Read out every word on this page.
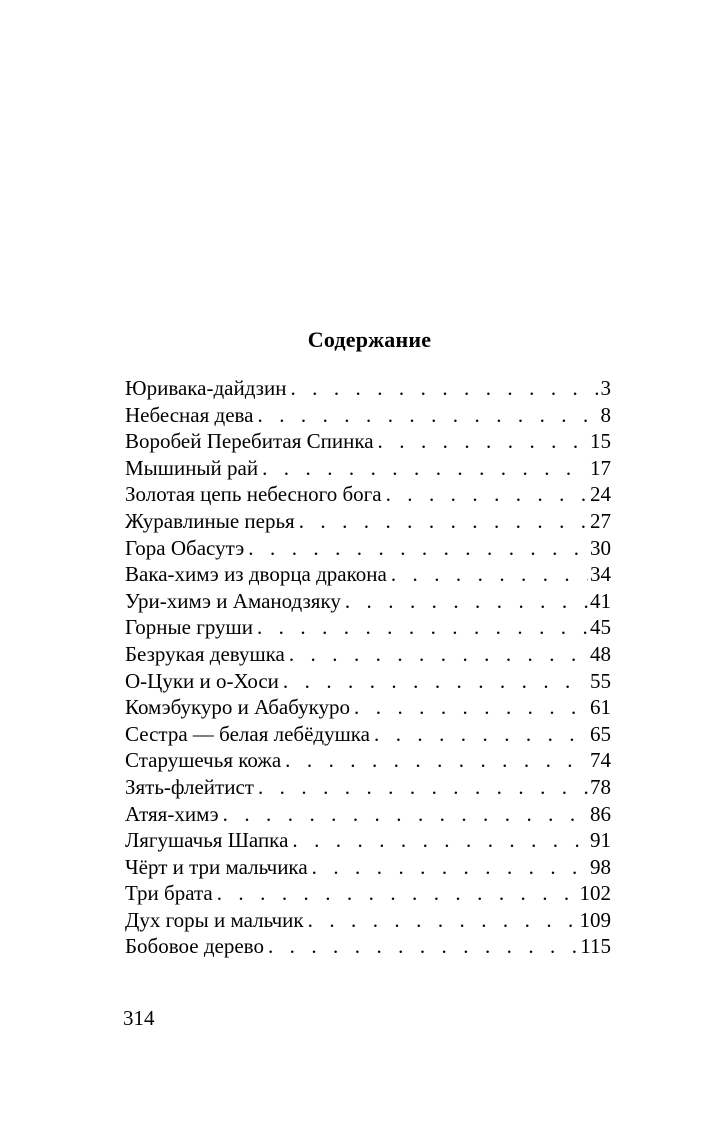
Содержание
Юривака-дайдзин . . .	3
Небесная дева . . .	8
Воробей Перебитая Спинка . . .	15
Мышиный рай . . .	17
Золотая цепь небесного бога . . .	24
Журавлиные перья . . .	27
Гора Обасутэ . . .	30
Вака-химэ из дворца дракона . . .	34
Ури-химэ и Аманодзяку . . .	41
Горные груши . . .	45
Безрукая девушка . . .	48
О-Цуки и о-Хоси . . .	55
Комэбукуро и Абабукуро . . .	61
Сестра — белая лебёдушка . . .	65
Старушечья кожа . . .	74
Зять-флейтист . . .	78
Атяя-химэ . . .	86
Лягушачья Шапка . . .	91
Чёрт и три мальчика . . .	98
Три брата . . .	102
Дух горы и мальчик . . .	109
Бобовое дерево . . .	115
314
